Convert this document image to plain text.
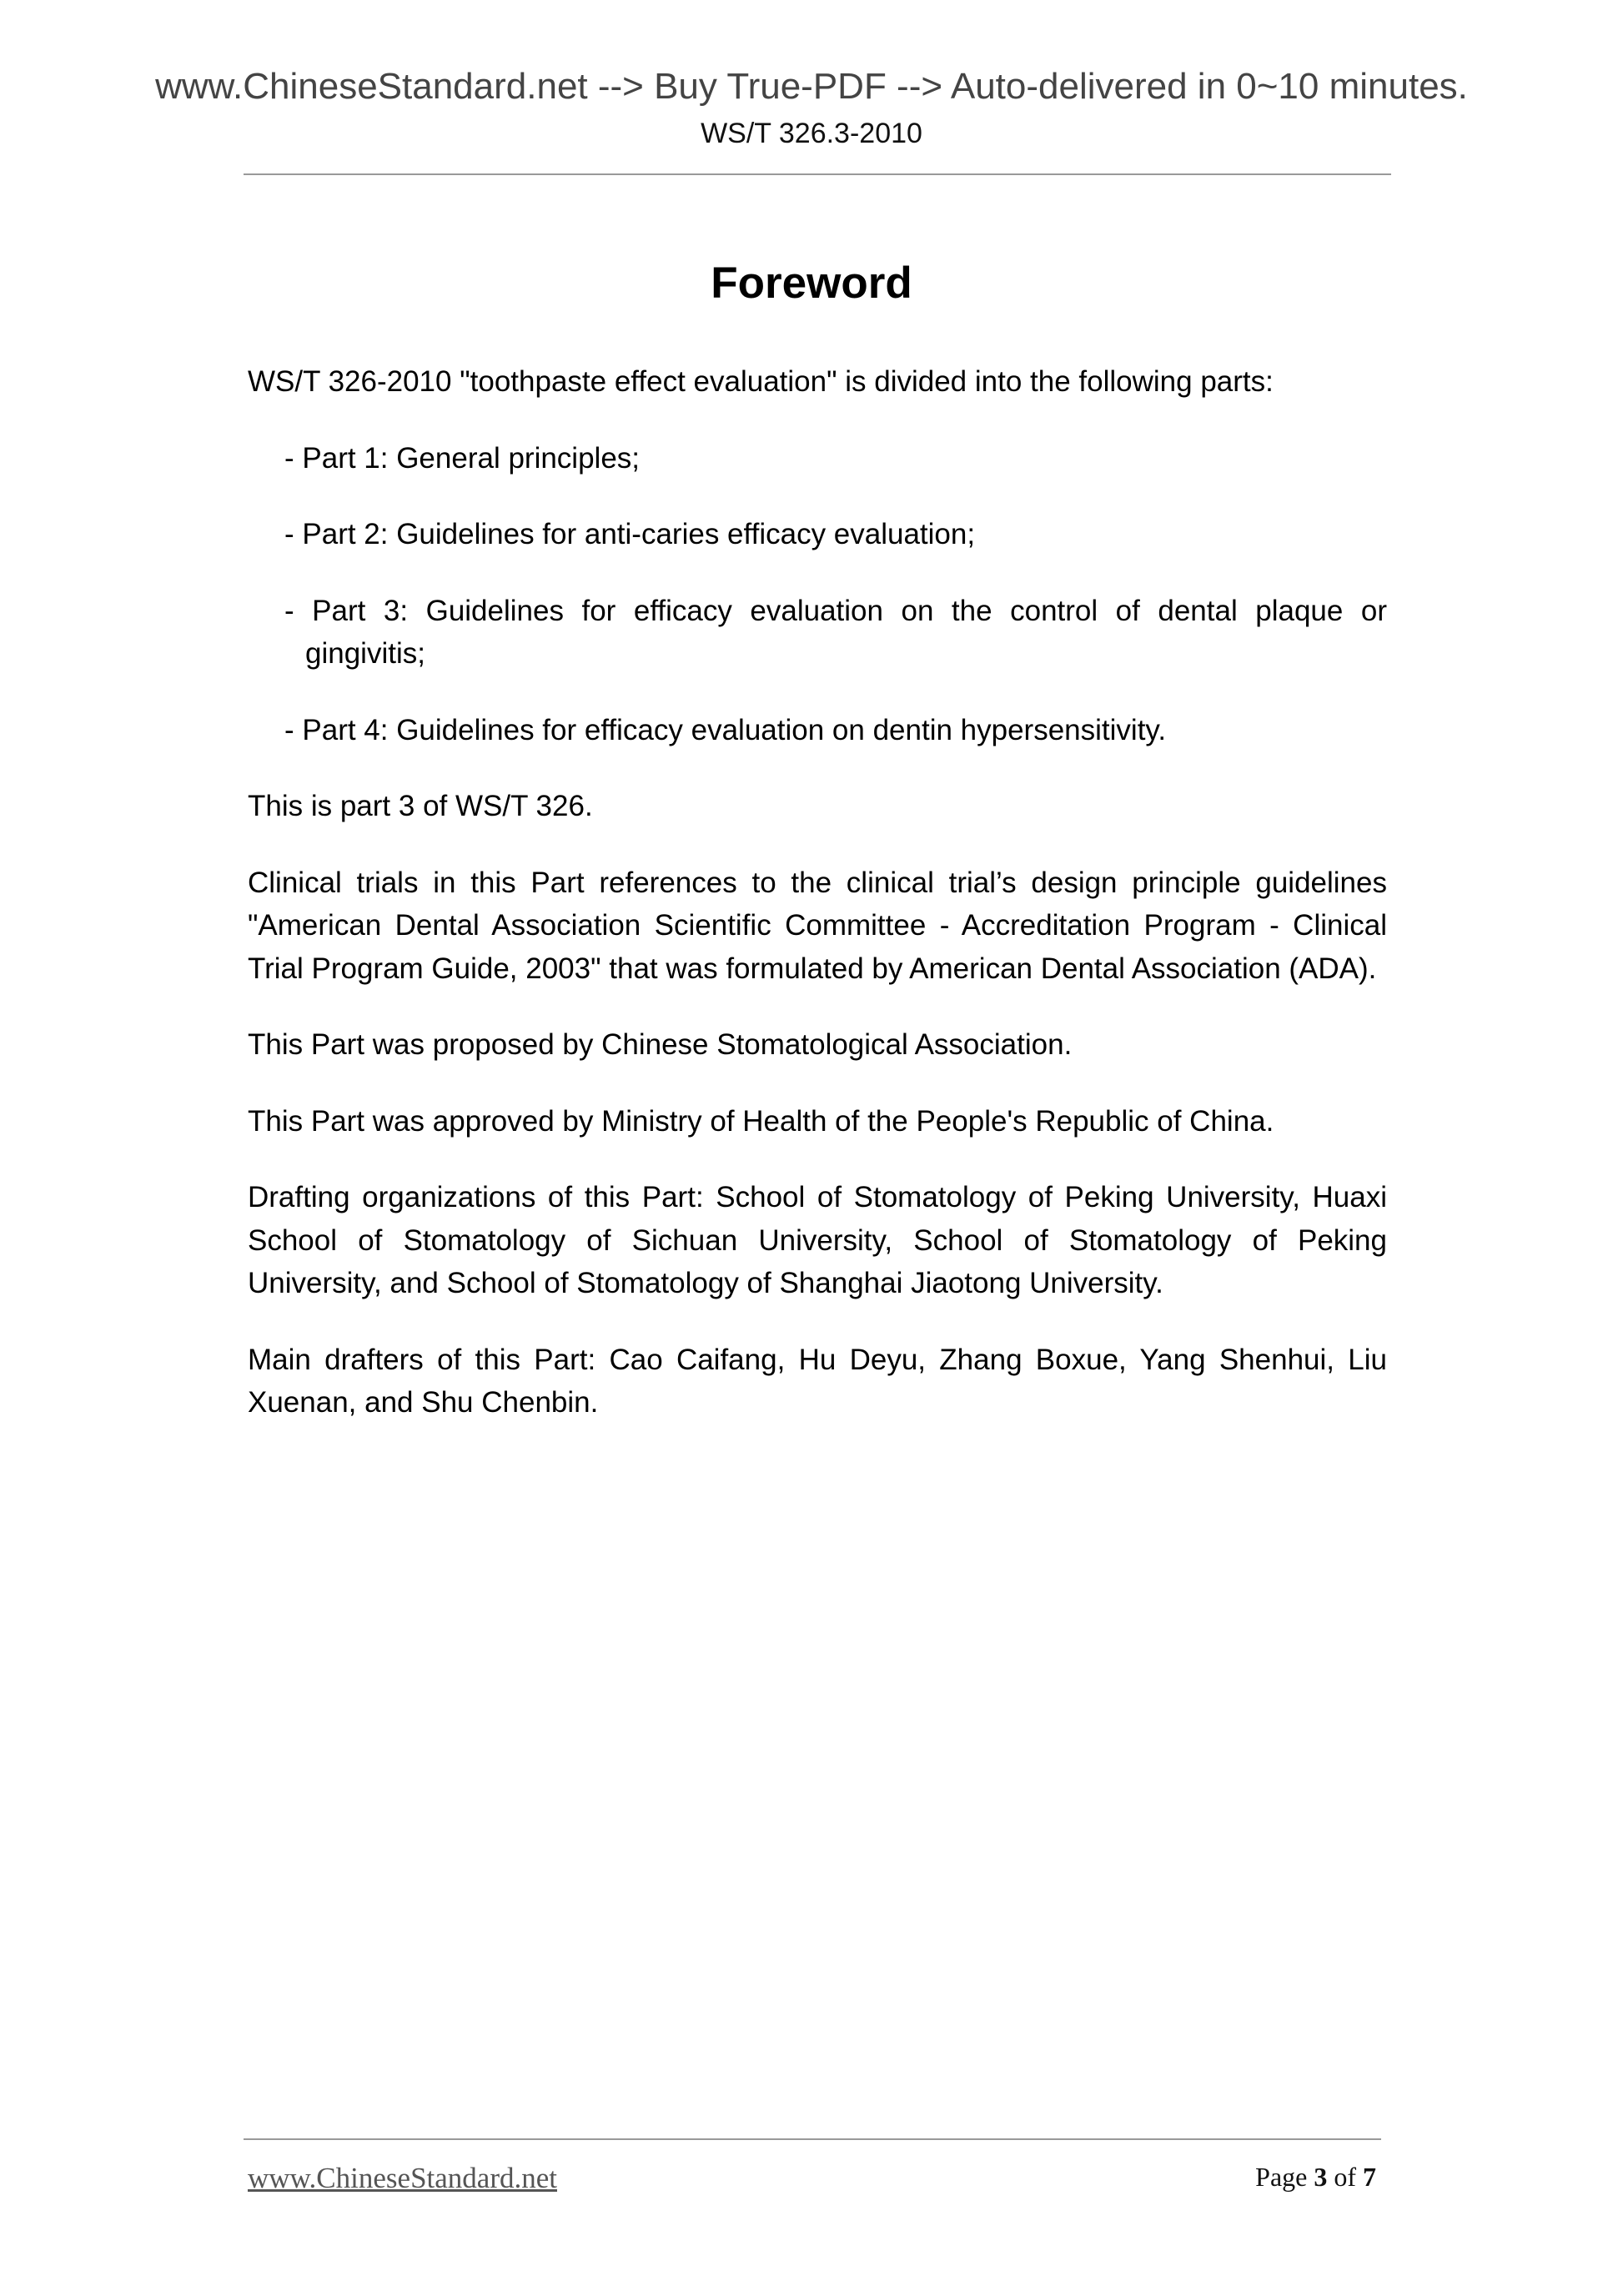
www.ChineseStandard.net --> Buy True-PDF --> Auto-delivered in 0~10 minutes.
WS/T 326.3-2010
Foreword

WS/T 326-2010 "toothpaste effect evaluation" is divided into the following parts:

- Part 1: General principles;

- Part 2: Guidelines for anti-caries efficacy evaluation;

- Part 3: Guidelines for efficacy evaluation on the control of dental plaque or gingivitis;

- Part 4: Guidelines for efficacy evaluation on dentin hypersensitivity.

This is part 3 of WS/T 326.

Clinical trials in this Part references to the clinical trial’s design principle guidelines "American Dental Association Scientific Committee - Accreditation Program - Clinical Trial Program Guide, 2003" that was formulated by American Dental Association (ADA).

This Part was proposed by Chinese Stomatological Association.

This Part was approved by Ministry of Health of the People's Republic of China.

Drafting organizations of this Part: School of Stomatology of Peking University, Huaxi School of Stomatology of Sichuan University, School of Stomatology of Peking University, and School of Stomatology of Shanghai Jiaotong University.

Main drafters of this Part: Cao Caifang, Hu Deyu, Zhang Boxue, Yang Shenhui, Liu Xuenan, and Shu Chenbin.

www.ChineseStandard.net	Page 3 of 7
